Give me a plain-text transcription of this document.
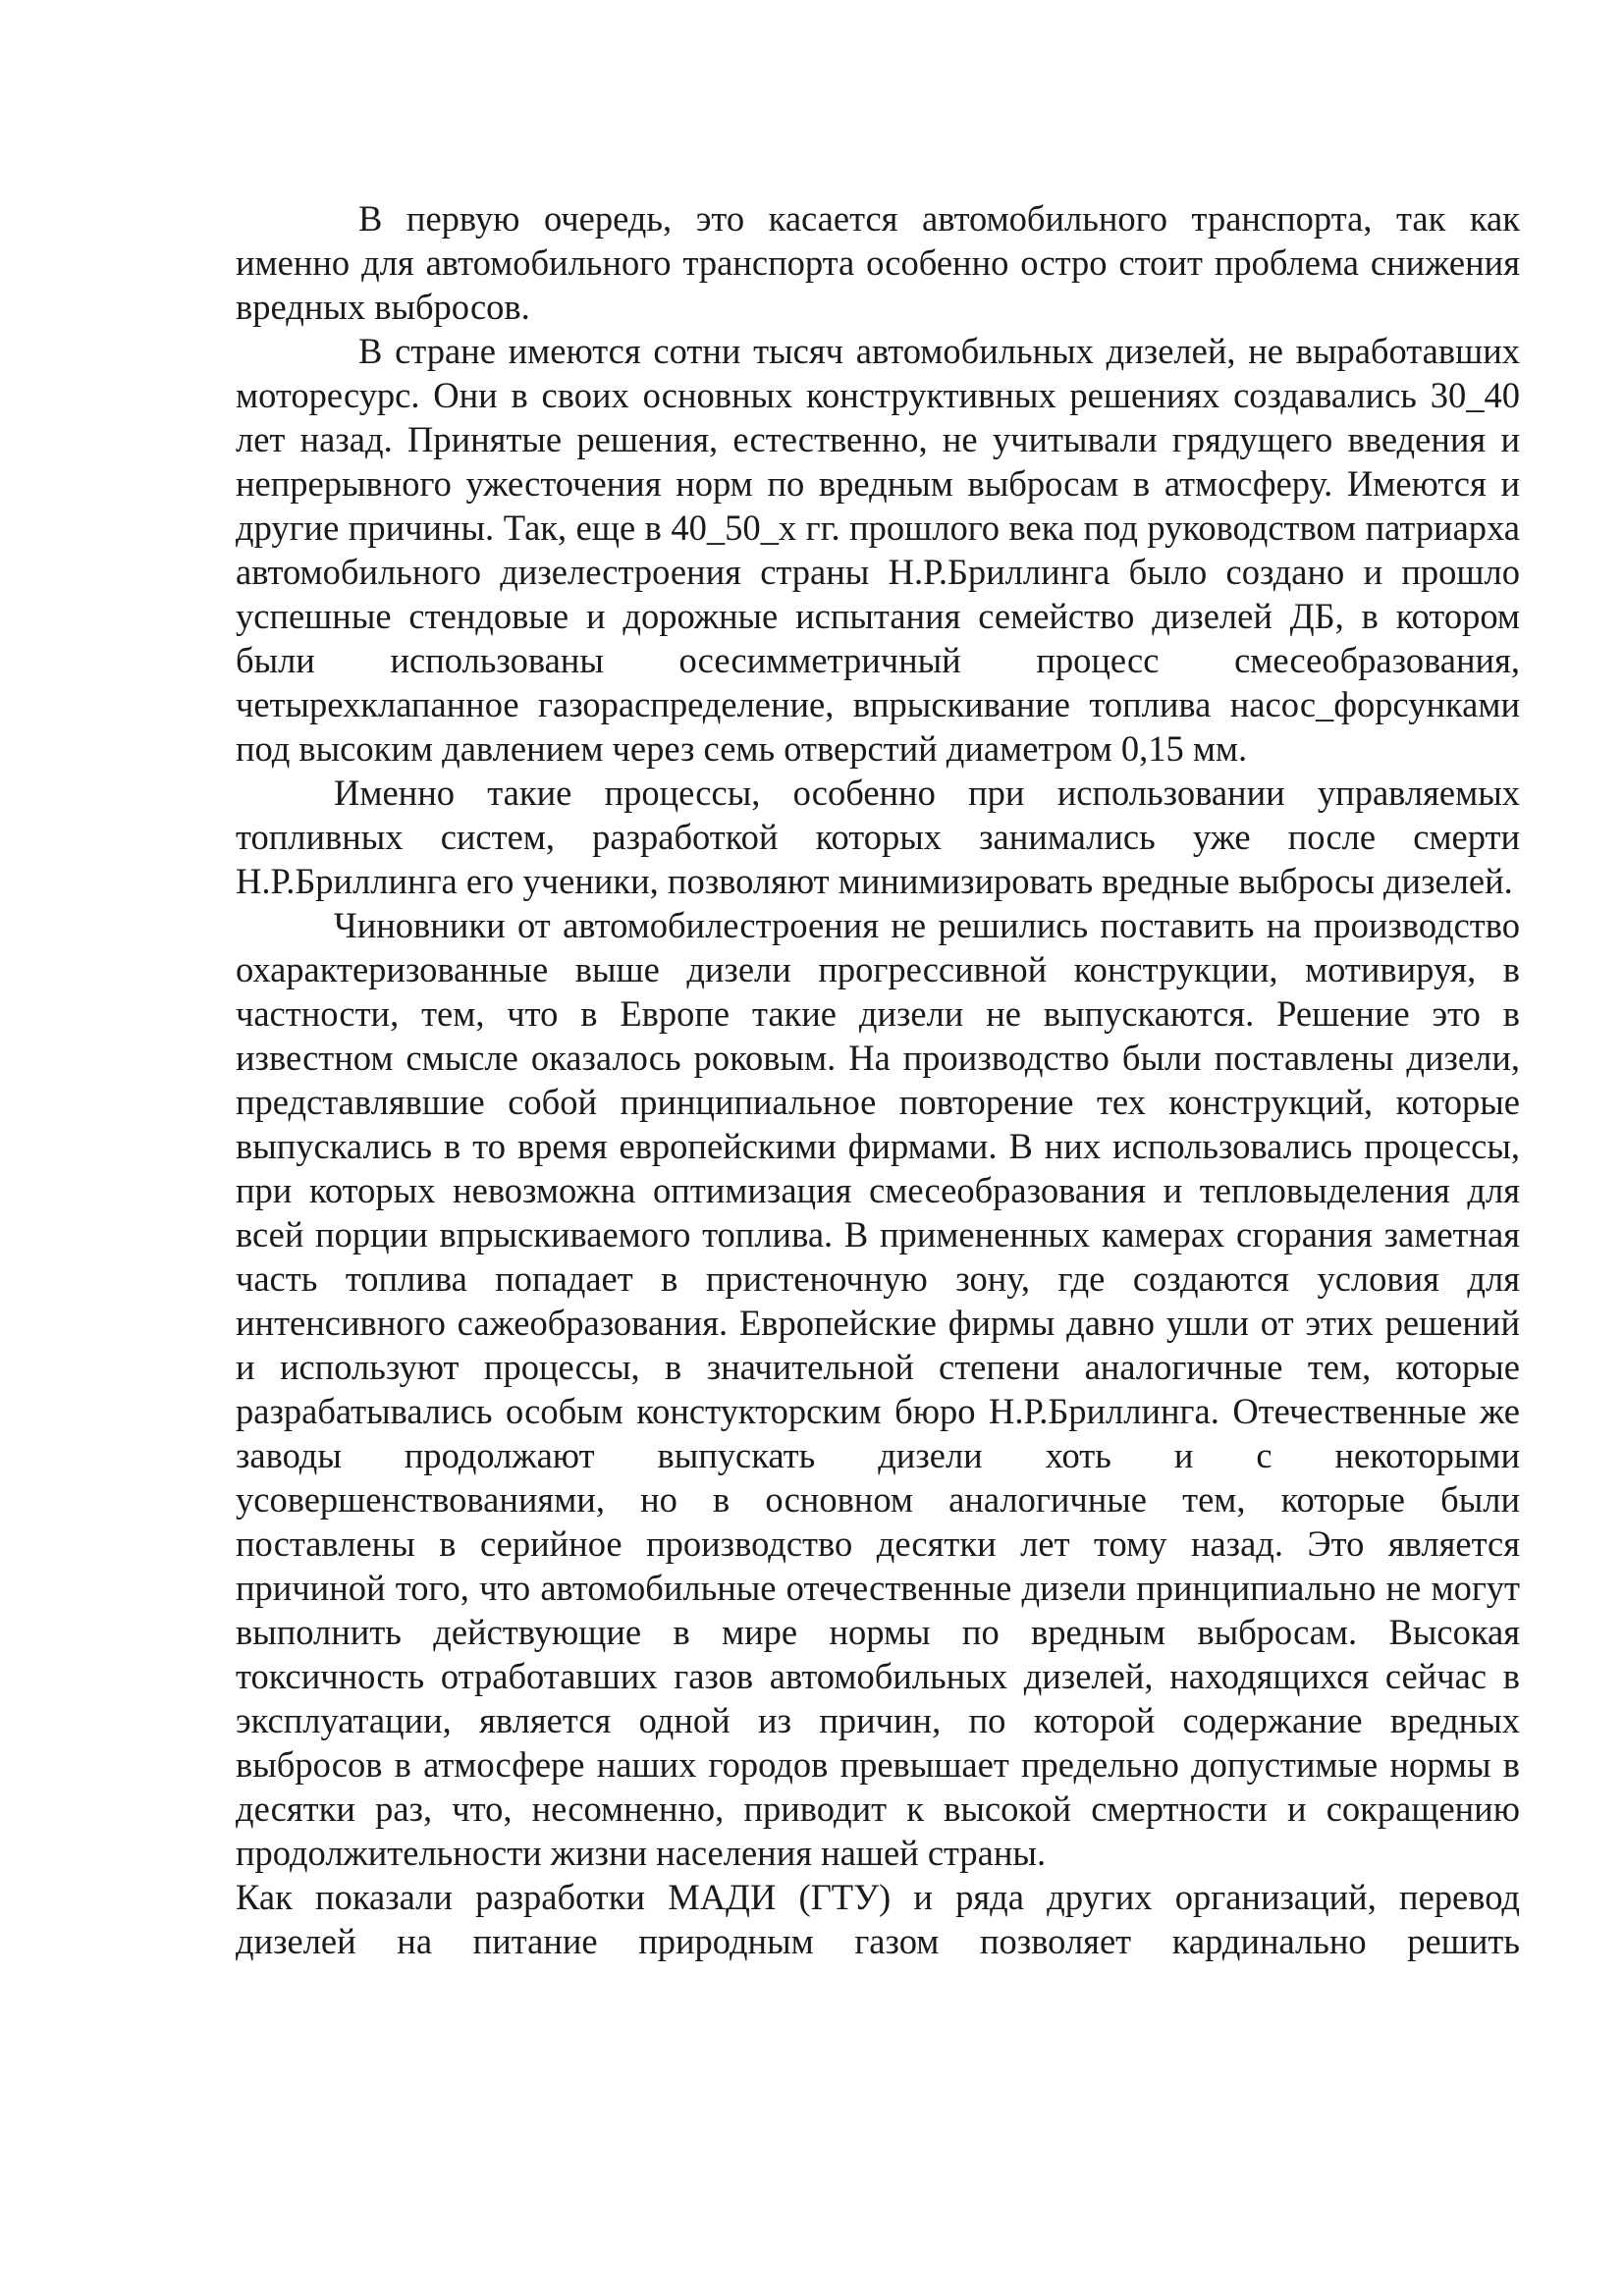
В первую очередь, это касается автомобильного транспорта, так как именно для автомобильного транспорта особенно остро стоит проблема снижения вредных выбросов.

В стране имеются сотни тысяч автомобильных дизелей, не выработавших моторесурс. Они в своих основных конструктивных решениях создавались 30_40 лет назад. Принятые решения, естественно, не учитывали грядущего введения и непрерывного ужесточения норм по вредным выбросам в атмосферу. Имеются и другие причины. Так, еще в 40_50_х гг. прошлого века под руководством патриарха автомобильного дизелестроения страны Н.Р.Бриллинга было создано и прошло успешные стендовые и дорожные испытания семейство дизелей ДБ, в котором были использованы осесимметричный процесс смесеобразования, четырехклапанное газораспределение, впрыскивание топлива насос_форсунками под высоким давлением через семь отверстий диаметром 0,15 мм.

Именно такие процессы, особенно при использовании управляемых топливных систем, разработкой которых занимались уже после смерти Н.Р.Бриллинга его ученики, позволяют минимизировать вредные выбросы дизелей.

Чиновники от автомобилестроения не решились поставить на производство охарактеризованные выше дизели прогрессивной конструкции, мотивируя, в частности, тем, что в Европе такие дизели не выпускаются. Решение это в известном смысле оказалось роковым. На производство были поставлены дизели, представлявшие собой принципиальное повторение тех конструкций, которые выпускались в то время европейскими фирмами. В них использовались процессы, при которых невозможна оптимизация смесеобразования и тепловыделения для всей порции впрыскиваемого топлива. В примененных камерах сгорания заметная часть топлива попадает в пристеночную зону, где создаются условия для интенсивного сажеобразования. Европейские фирмы давно ушли от этих решений и используют процессы, в значительной степени аналогичные тем, которые разрабатывались особым констукторским бюро Н.Р.Бриллинга. Отечественные же заводы продолжают выпускать дизели хоть и с некоторыми усовершенствованиями, но в основном аналогичные тем, которые были поставлены в серийное производство десятки лет тому назад. Это является причиной того, что автомобильные отечественные дизели принципиально не могут выполнить действующие в мире нормы по вредным выбросам. Высокая токсичность отработавших газов автомобильных дизелей, находящихся сейчас в эксплуатации, является одной из причин, по которой содержание вредных выбросов в атмосфере наших городов превышает предельно допустимые нормы в десятки раз, что, несомненно, приводит к высокой смертности и сокращению продолжительности жизни населения нашей страны.

Как показали разработки МАДИ (ГТУ) и ряда других организаций, перевод дизелей на питание природным газом позволяет кардинально решить
